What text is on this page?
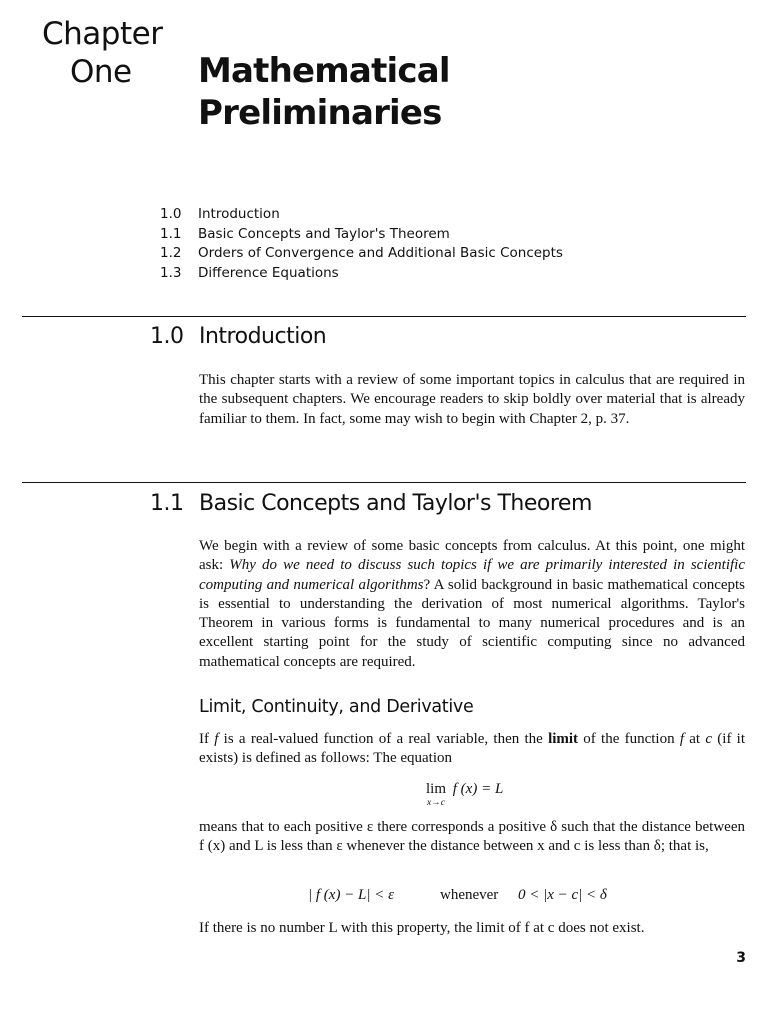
Chapter
One Mathematical
Preliminaries
1.0	Introduction
1.1	Basic Concepts and Taylor's Theorem
1.2	Orders of Convergence and Additional Basic Concepts
1.3	Difference Equations
1.0 Introduction
This chapter starts with a review of some important topics in calculus that are required in the subsequent chapters. We encourage readers to skip boldly over material that is already familiar to them. In fact, some may wish to begin with Chapter 2, p. 37.
1.1 Basic Concepts and Taylor's Theorem
We begin with a review of some basic concepts from calculus. At this point, one might ask: Why do we need to discuss such topics if we are primarily interested in scientific computing and numerical algorithms? A solid background in basic mathematical concepts is essential to understanding the derivation of most numerical algorithms. Taylor's Theorem in various forms is fundamental to many numerical procedures and is an excellent starting point for the study of scientific computing since no advanced mathematical concepts are required.
Limit, Continuity, and Derivative
If f is a real-valued function of a real variable, then the limit of the function f at c (if it exists) is defined as follows: The equation
lim
x→c
f (x) = L
means that to each positive ε there corresponds a positive δ such that the distance between f (x) and L is less than ε whenever the distance between x and c is less than δ; that is,
| f (x) − L| < ε	whenever 0 < |x − c| < δ
If there is no number L with this property, the limit of f at c does not exist.
3
